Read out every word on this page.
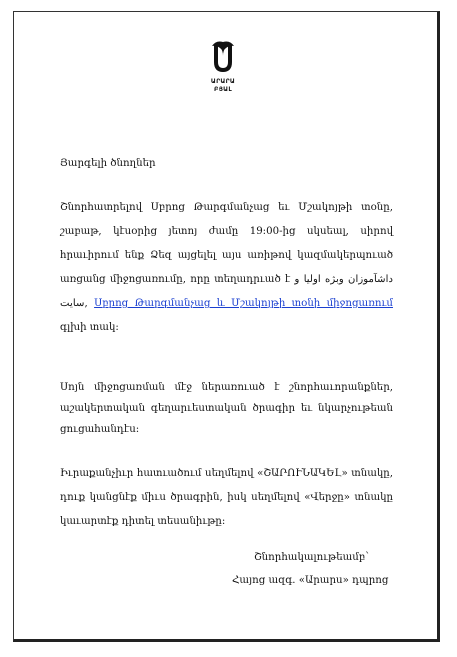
ԱՐԱՐԱ
ԲՅԱԼ
Յարգելի ծնողներ
Շնորհատրելով Սբրոց Թարգմանչաց եւ Մշակոյթի տօնը, շաբաթ, կէսօրից յետոյ ժամը 19:00-ից սկսեալ, սիրով հրաւիրում ենք Ձեզ այցելել այս առիթով կազմակերպուած առցանց միջոցառումը, որը տեղադրւած է داشآموزان وبژه اولیا و سایت, Սբրոց Թարգմանչաց և Մշակոյթի տօնի միջոցառում գլխի տակ:
Սոյն միջոցառման մէջ ներառուած է շնորհաւորանքներ, աշակերտական գեղարւեստական ծրագիր եւ նկարչութեան ցուցահանդէս:
Իւրաքանչիւր հատւածում սեղմելով «ՇԱՐՈՒՆԱԿԵԼ» տնակը, դուք կանցնէք միւս ծրագրին, իսկ սեղմելով «Վերջը» տնակը կաւարտէք դիտել տեսանիւթը:
Շնորհակալութեամբ՝
Հայոց ազգ. «Արարս» դպրոց
